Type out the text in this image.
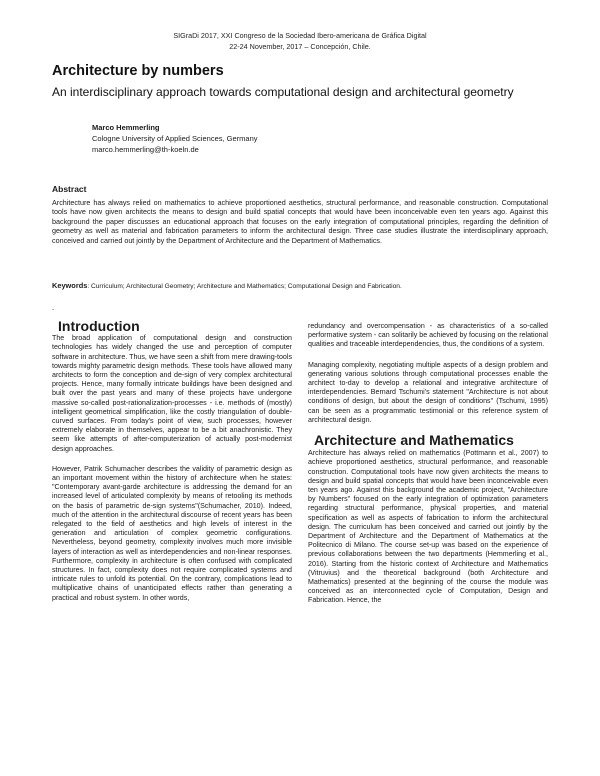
SIGraDi 2017, XXI Congreso de la Sociedad Ibero-americana de Gráfica Digital
22-24 November, 2017 – Concepción, Chile.
Architecture by numbers
An interdisciplinary approach towards computational design and architectural geometry
Marco Hemmerling
Cologne University of Applied Sciences, Germany
marco.hemmerling@th-koeln.de
Abstract
Architecture has always relied on mathematics to achieve proportioned aesthetics, structural performance, and reasonable construction. Computational tools have now given architects the means to design and build spatial concepts that would have been inconceivable even ten years ago. Against this background the paper discusses an educational approach that focuses on the early integration of computational principles, regarding the definition of geometry as well as material and fabrication parameters to inform the architectural design. Three case studies illustrate the interdisciplinary approach, conceived and carried out jointly by the Department of Architecture and the Department of Mathematics.
Keywords: Curriculum; Architectural Geometry; Architecture and Mathematics; Computational Design and Fabrication.
.
Introduction

The broad application of computational design and construction technologies has widely changed the use and perception of computer software in architecture. Thus, we have seen a shift from mere drawing-tools towards mighty parametric design methods. These tools have allowed many architects to form the conception and de-sign of very complex architectural projects. Hence, many formally intricate buildings have been designed and built over the past years and many of these projects have undergone massive so-called post-rationalization-processes - i.e. methods of (mostly) intelligent geometrical simplification, like the costly triangulation of double-curved surfaces. From today's point of view, such processes, however extremely elaborate in themselves, appear to be a bit anachronistic. They seem like attempts of after-computerization of actually post-modernist design approaches.

However, Patrik Schumacher describes the validity of parametric design as an important movement within the history of architecture when he states: "Contemporary avant-garde architecture is addressing the demand for an increased level of articulated complexity by means of retooling its methods on the basis of parametric de-sign systems"(Schumacher, 2010). Indeed, much of the attention in the architectural discourse of recent years has been relegated to the field of aesthetics and high levels of interest in the generation and articulation of complex geometric configurations. Nevertheless, beyond geometry, complexity involves much more invisible layers of interaction as well as interdependencies and non-linear responses. Furthermore, complexity in architecture is often confused with complicated structures. In fact, complexity does not require complicated systems and intricate rules to unfold its potential. On the contrary, complications lead to multiplicative chains of unanticipated effects rather than generating a practical and robust system. In other words,

redundancy and overcompensation - as characteristics of a so-called performative system - can solitarily be achieved by focusing on the relational qualities and traceable interdependencies, thus, the conditions of a system.

Managing complexity, negotiating multiple aspects of a design problem and generating various solutions through computational processes enable the architect to-day to develop a relational and integrative architecture of interdependencies. Bernard Tschumi's statement "Architecture is not about conditions of design, but about the design of conditions" (Tschumi, 1995) can be seen as a programmatic testimonial or this reference system of architectural design.

Architecture and Mathematics

Architecture has always relied on mathematics (Pottmann et al., 2007) to achieve proportioned aesthetics, structural performance, and reasonable construction. Computational tools have now given architects the means to design and build spatial concepts that would have been inconceivable even ten years ago. Against this background the academic project, "Architecture by Numbers" focused on the early integration of optimization parameters regarding structural performance, physical properties, and material specification as well as aspects of fabrication to inform the architectural design. The curriculum has been conceived and carried out jointly by the Department of Architecture and the Department of Mathematics at the Politecnico di Milano. The course set-up was based on the experience of previous collaborations between the two departments (Hemmerling et al., 2016). Starting from the historic context of Architecture and Mathematics (Vitruvius) and the theoretical background (both Architecture and Mathematics) presented at the beginning of the course the module was conceived as an interconnected cycle of Computation, Design and Fabrication. Hence, the
